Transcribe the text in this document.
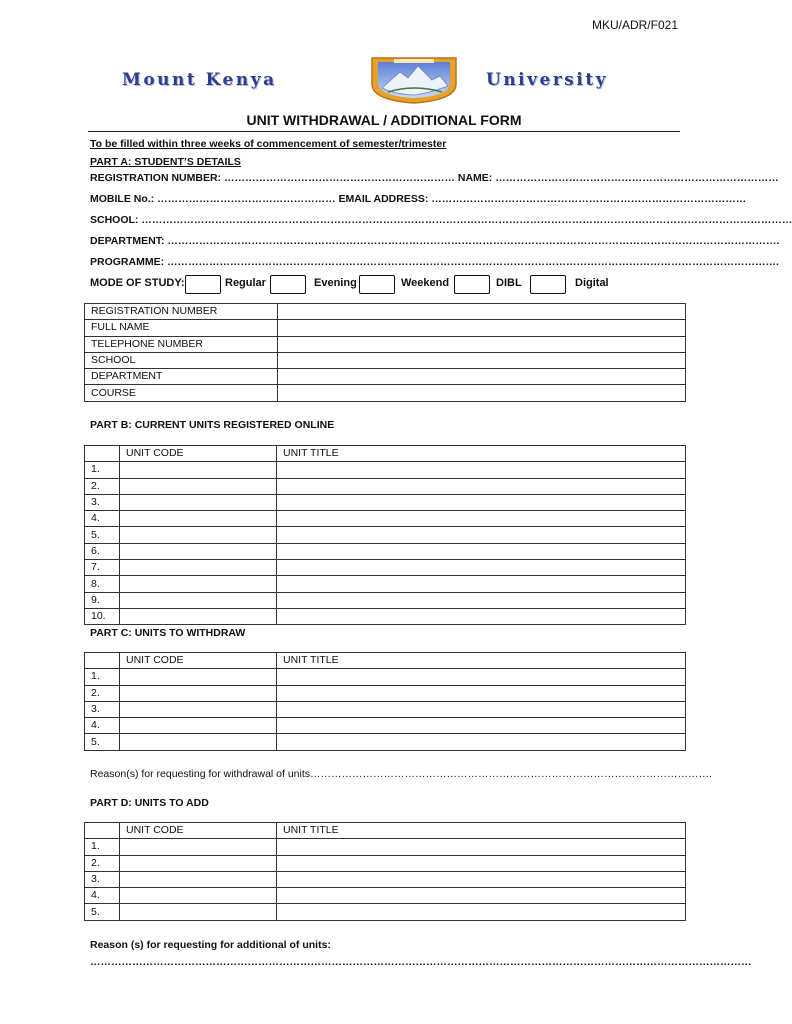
MKU/ADR/F021
Mount Kenya	University
UNIT WITHDRAWAL / ADDITIONAL FORM
To be filled within three weeks of commencement of semester/trimester
PART A: STUDENT’S DETAILS
REGISTRATION NUMBER: ………………………………………………………… NAME: ………………………………………………………………………
MOBILE No.: …………………………………………… EMAIL ADDRESS: ………………………………………………………………………………
SCHOOL: ……………………………………………………………………………………………………………………………………………………………………
DEPARTMENT: ………………………………………………………………………………………………………………………………………………………….
PROGRAMME: ………………………………………………………………………………………………………………………………………………………….
MODE OF STUDY:	Regular	Evening	Weekend	DIBL	Digital
REGISTRATION NUMBER	
FULL NAME	
TELEPHONE NUMBER	
SCHOOL	
DEPARTMENT	
COURSE	
PART B: CURRENT UNITS REGISTERED ONLINE
	UNIT CODE	UNIT TITLE
1.		
2.		
3.		
4.		
5.		
6.		
7.		
8.		
9.		
10.		
PART C: UNITS TO WITHDRAW
	UNIT CODE	UNIT TITLE
1.		
2.		
3.		
4.		
5.		
Reason(s) for requesting for withdrawal of units…………………………………………………………………………………………………….
PART D: UNITS TO ADD
	UNIT CODE	UNIT TITLE
1.		
2.		
3.		
4.		
5.		
Reason (s) for requesting for additional of units:
………………………………………………………………………………………………………………………………………………………………………
